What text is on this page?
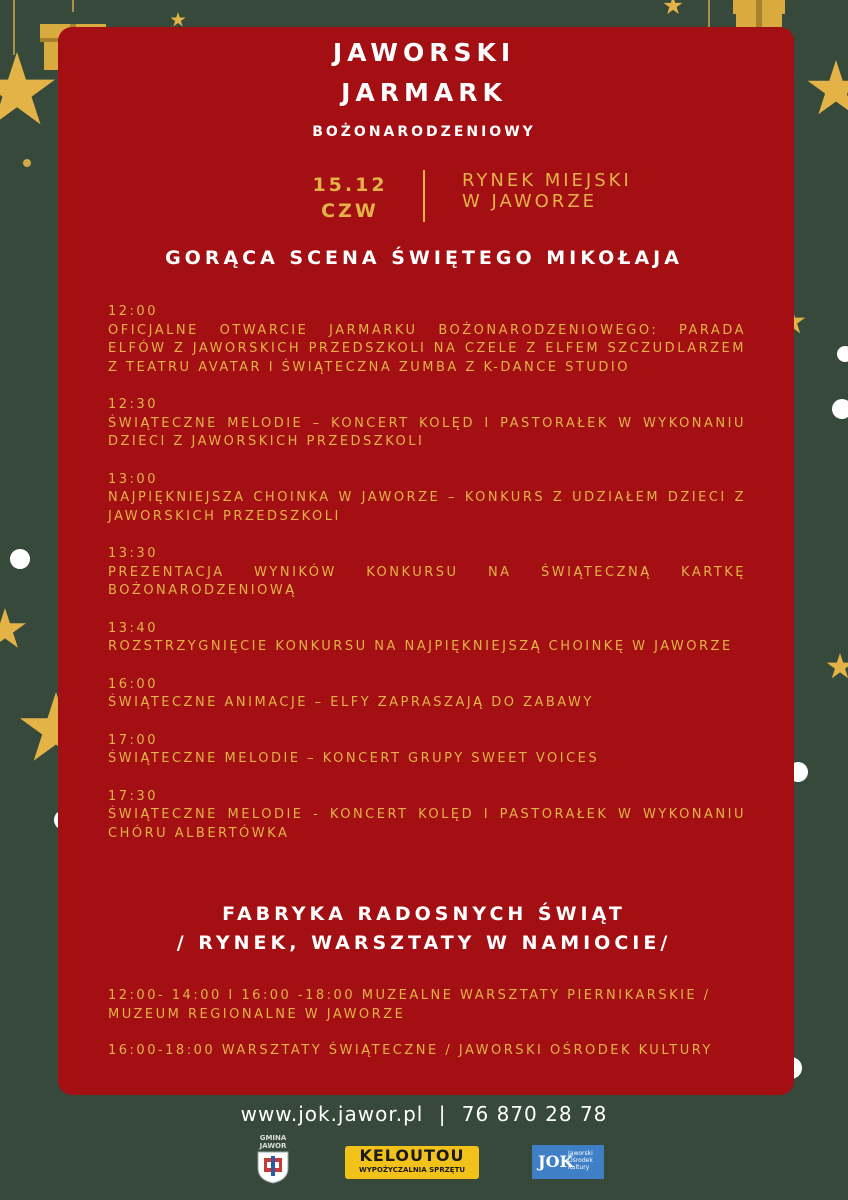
JAWORSKI
JARMARK
BOŻONARODZENIOWY
15.12
CZW
RYNEK MIEJSKI
W JAWORZE
GORĄCA SCENA ŚWIĘTEGO MIKOŁAJA
12:00
OFICJALNE OTWARCIE JARMARKU BOŻONARODZENIOWEGO: PARADA ELFÓW Z JAWORSKICH PRZEDSZKOLI NA CZELE Z ELFEM SZCZUDLARZEM Z TEATRU AVATAR I ŚWIĄTECZNA ZUMBA Z K-DANCE STUDIO
12:30
ŚWIĄTECZNE MELODIE – KONCERT KOLĘD I PASTORAŁEK W WYKONANIU DZIECI Z JAWORSKICH PRZEDSZKOLI
13:00
NAJPIĘKNIEJSZA CHOINKA W JAWORZE – KONKURS Z UDZIAŁEM DZIECI Z JAWORSKICH PRZEDSZKOLI
13:30
PREZENTACJA WYNIKÓW KONKURSU NA ŚWIĄTECZNĄ KARTKĘ BOŻONARODZENIOWĄ
13:40
ROZSTRZYGNIĘCIE KONKURSU NA NAJPIĘKNIEJSZĄ CHOINKĘ W JAWORZE
16:00
ŚWIĄTECZNE ANIMACJE – ELFY ZAPRASZAJĄ DO ZABAWY
17:00
ŚWIĄTECZNE MELODIE – KONCERT GRUPY SWEET VOICES
17:30
ŚWIĄTECZNE MELODIE - KONCERT KOLĘD I PASTORAŁEK W WYKONANIU CHÓRU ALBERTÓWKA
FABRYKA RADOSNYCH ŚWIĄT
/ RYNEK, WARSZTATY W NAMIOCIE/
12:00- 14:00 I 16:00 -18:00 MUZEALNE WARSZTATY PIERNIKARSKIE / MUZEUM REGIONALNE W JAWORZE
16:00-18:00 WARSZTATY ŚWIĄTECZNE / JAWORSKI OŚRODEK KULTURY
www.jok.jawor.pl | 76 870 28 78
GMINA
JAWOR	KELOUTOU
WYPOŻYCZALNIA SPRZĘTU	JOK
Jaworski Ośrodek Kultury
